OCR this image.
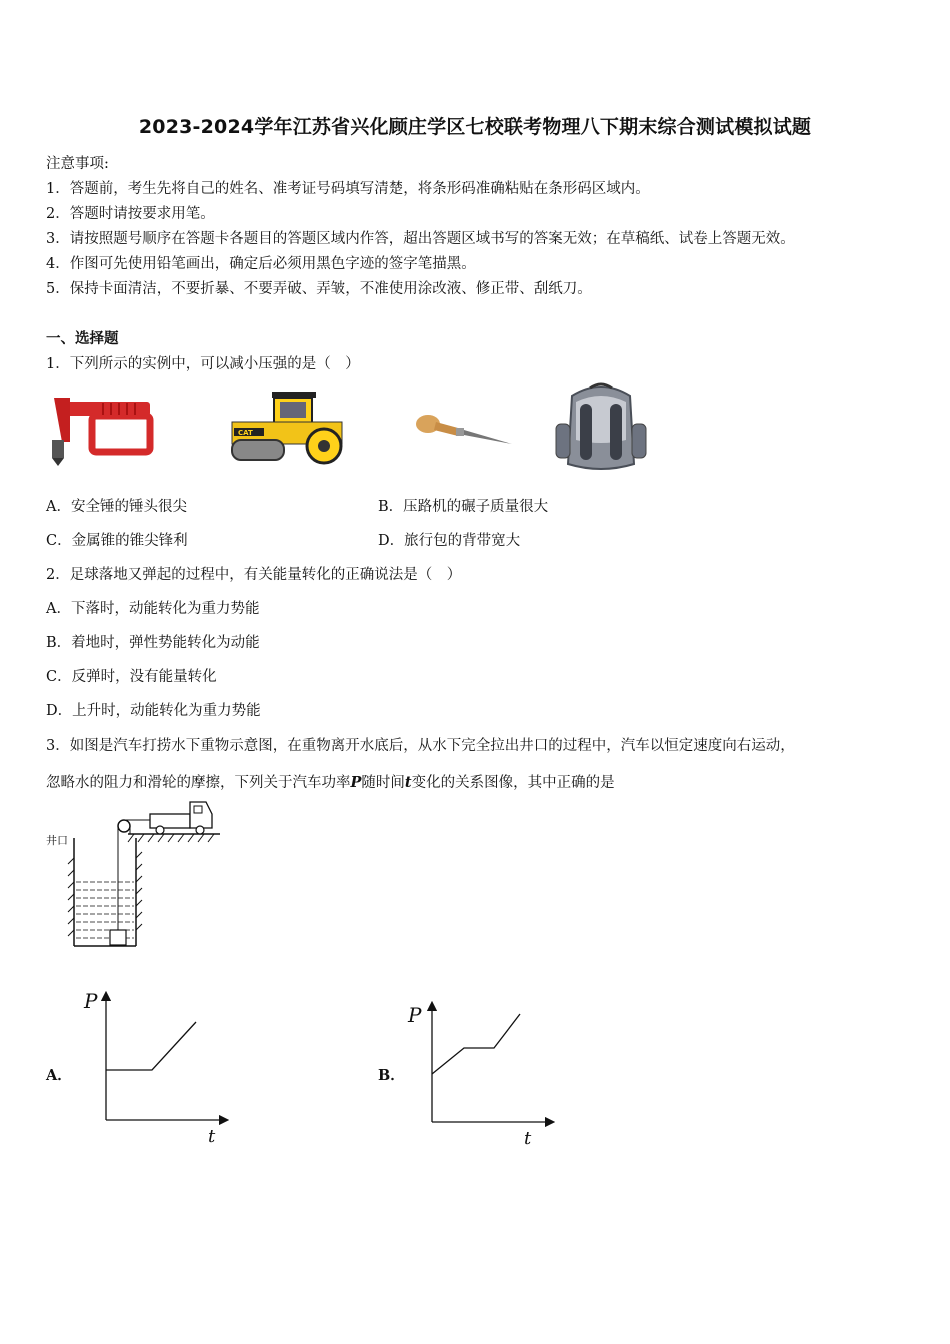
2023-2024学年江苏省兴化顾庄学区七校联考物理八下期末综合测试模拟试题
注意事项:
1．答题前，考生先将自己的姓名、准考证号码填写清楚，将条形码准确粘贴在条形码区域内。
2．答题时请按要求用笔。
3．请按照题号顺序在答题卡各题目的答题区域内作答，超出答题区域书写的答案无效；在草稿纸、试卷上答题无效。
4．作图可先使用铅笔画出，确定后必须用黑色字迹的签字笔描黑。
5．保持卡面清洁，不要折暴、不要弄破、弄皱，不准使用涂改液、修正带、刮纸刀。
一、选择题
1．下列所示的实例中，可以减小压强的是（　）
CAT
A．安全锤的锤头很尖	B．压路机的碾子质量很大
C．金属锥的锥尖锋利	D．旅行包的背带宽大
2．足球落地又弹起的过程中，有关能量转化的正确说法是（　）
A．下落时，动能转化为重力势能
B．着地时，弹性势能转化为动能
C．反弹时，没有能量转化
D．上升时，动能转化为重力势能
3．如图是汽车打捞水下重物示意图，在重物离开水底后，从水下完全拉出井口的过程中，汽车以恒定速度向右运动，
忽略水的阻力和滑轮的摩擦，下列关于汽车功率P随时间t变化的关系图像，其中正确的是
井口
A．
P
t
B．
P
t
